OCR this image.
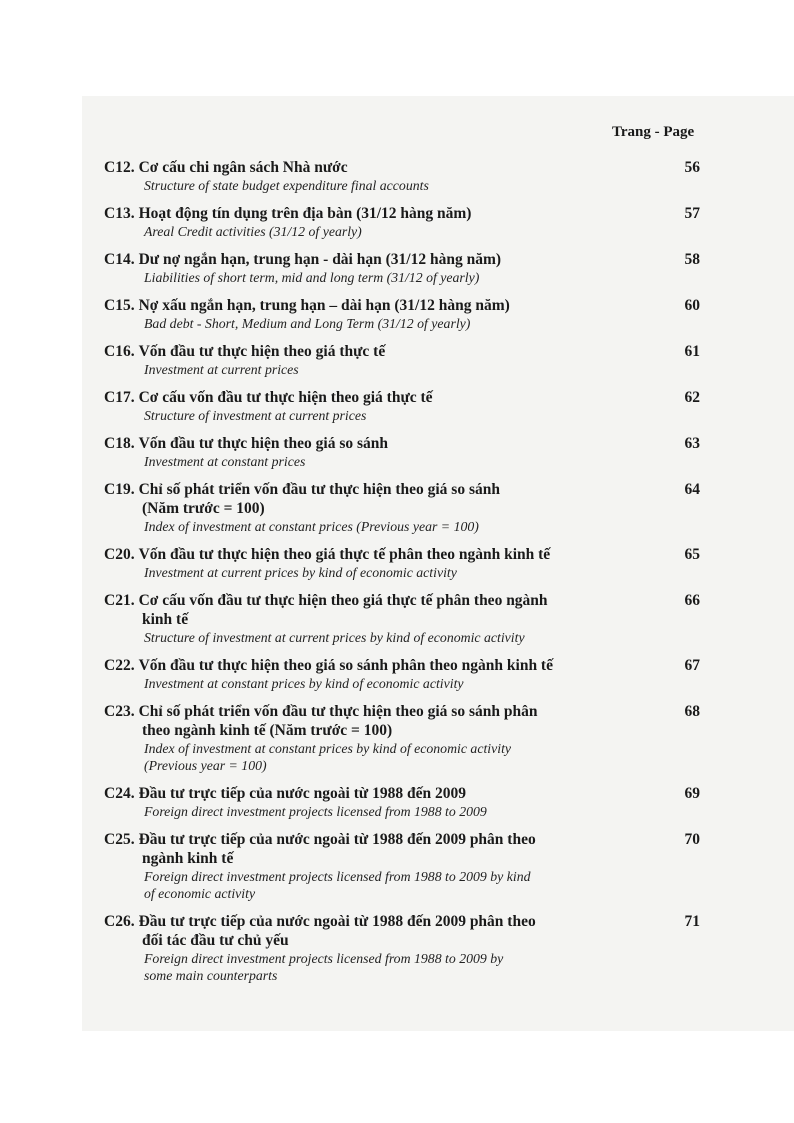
Trang - Page
C12. Cơ cấu chi ngân sách Nhà nước
Structure of state budget expenditure final accounts
56
C13. Hoạt động tín dụng trên địa bàn (31/12 hàng năm)
Areal Credit activities (31/12 of yearly)
57
C14. Dư nợ ngắn hạn, trung hạn - dài hạn (31/12 hàng năm)
Liabilities of short term, mid and long term (31/12 of yearly)
58
C15. Nợ xấu ngắn hạn, trung hạn – dài hạn (31/12 hàng năm)
Bad debt - Short, Medium and Long Term (31/12 of yearly)
60
C16. Vốn đầu tư thực hiện theo giá thực tế
Investment at current prices
61
C17. Cơ cấu vốn đầu tư thực hiện theo giá thực tế
Structure of investment at current prices
62
C18. Vốn đầu tư thực hiện theo giá so sánh
Investment at constant prices
63
C19. Chỉ số phát triển vốn đầu tư thực hiện theo giá so sánh
(Năm trước = 100)
Index of investment at constant prices (Previous year = 100)
64
C20. Vốn đầu tư thực hiện theo giá thực tế phân theo ngành kinh tế
Investment at current prices by kind of economic activity
65
C21. Cơ cấu vốn đầu tư thực hiện theo giá thực tế phân theo ngành
kinh tế
Structure of investment at current prices by kind of economic activity
66
C22. Vốn đầu tư thực hiện theo giá so sánh phân theo ngành kinh tế
Investment at constant prices by kind of economic activity
67
C23. Chỉ số phát triển vốn đầu tư thực hiện theo giá so sánh phân
theo ngành kinh tế (Năm trước = 100)
Index of investment at constant prices by kind of economic activity
(Previous year = 100)
68
C24. Đầu tư trực tiếp của nước ngoài từ 1988 đến 2009
Foreign direct investment projects licensed from 1988 to 2009
69
C25. Đầu tư trực tiếp của nước ngoài từ 1988 đến 2009 phân theo
ngành kinh tế
Foreign direct investment projects licensed from 1988 to 2009 by kind
of economic activity
70
C26. Đầu tư trực tiếp của nước ngoài từ 1988 đến 2009 phân theo
đối tác đầu tư chủ yếu
Foreign direct investment projects licensed from 1988 to 2009 by
some main counterparts
71
